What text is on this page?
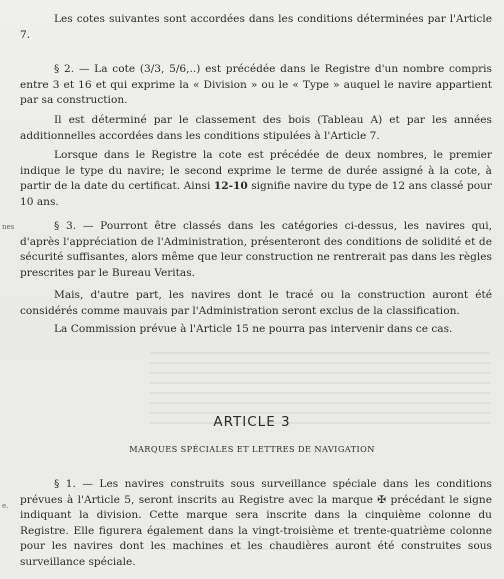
Les cotes suivantes sont accordées dans les conditions déterminées par l'Article 7.

§ 2. — La cote (3/3, 5/6,..) est précédée dans le Registre d'un nombre compris entre 3 et 16 et qui exprime la « Division » ou le « Type » auquel le navire appartient par sa construction.

Il est déterminé par le classement des bois (Tableau A) et par les années additionnelles accordées dans les conditions stipulées à l'Article 7.

Lorsque dans le Registre la cote est précédée de deux nombres, le premier indique le type du navire; le second exprime le terme de durée assigné à la cote, à partir de la date du certificat. Ainsi 12-10 signifie navire du type de 12 ans classé pour 10 ans.

nes	§ 3. — Pourront être classés dans les catégories ci-dessus, les navires qui, d'après l'appréciation de l'Administration, présenteront des conditions de solidité et de sécurité suffisantes, alors même que leur construction ne rentrerait pas dans les règles prescrites par le Bureau Veritas.

Mais, d'autre part, les navires dont le tracé ou la construction auront été considérés comme mauvais par l'Administration seront exclus de la classification.

La Commission prévue à l'Article 15 ne pourra pas intervenir dans ce cas.

ARTICLE 3
MARQUES SPÉCIALES ET LETTRES DE NAVIGATION
e.

§ 1. — Les navires construits sous surveillance spéciale dans les conditions prévues à l'Article 5, seront inscrits au Registre avec la marque ✠ précédant le signe indiquant la division. Cette marque sera inscrite dans la cinquième colonne du Registre. Elle figurera également dans la vingt-troisième et trente-quatrième colonne pour les navires dont les machines et les chaudières auront été construites sous surveillance spéciale.
